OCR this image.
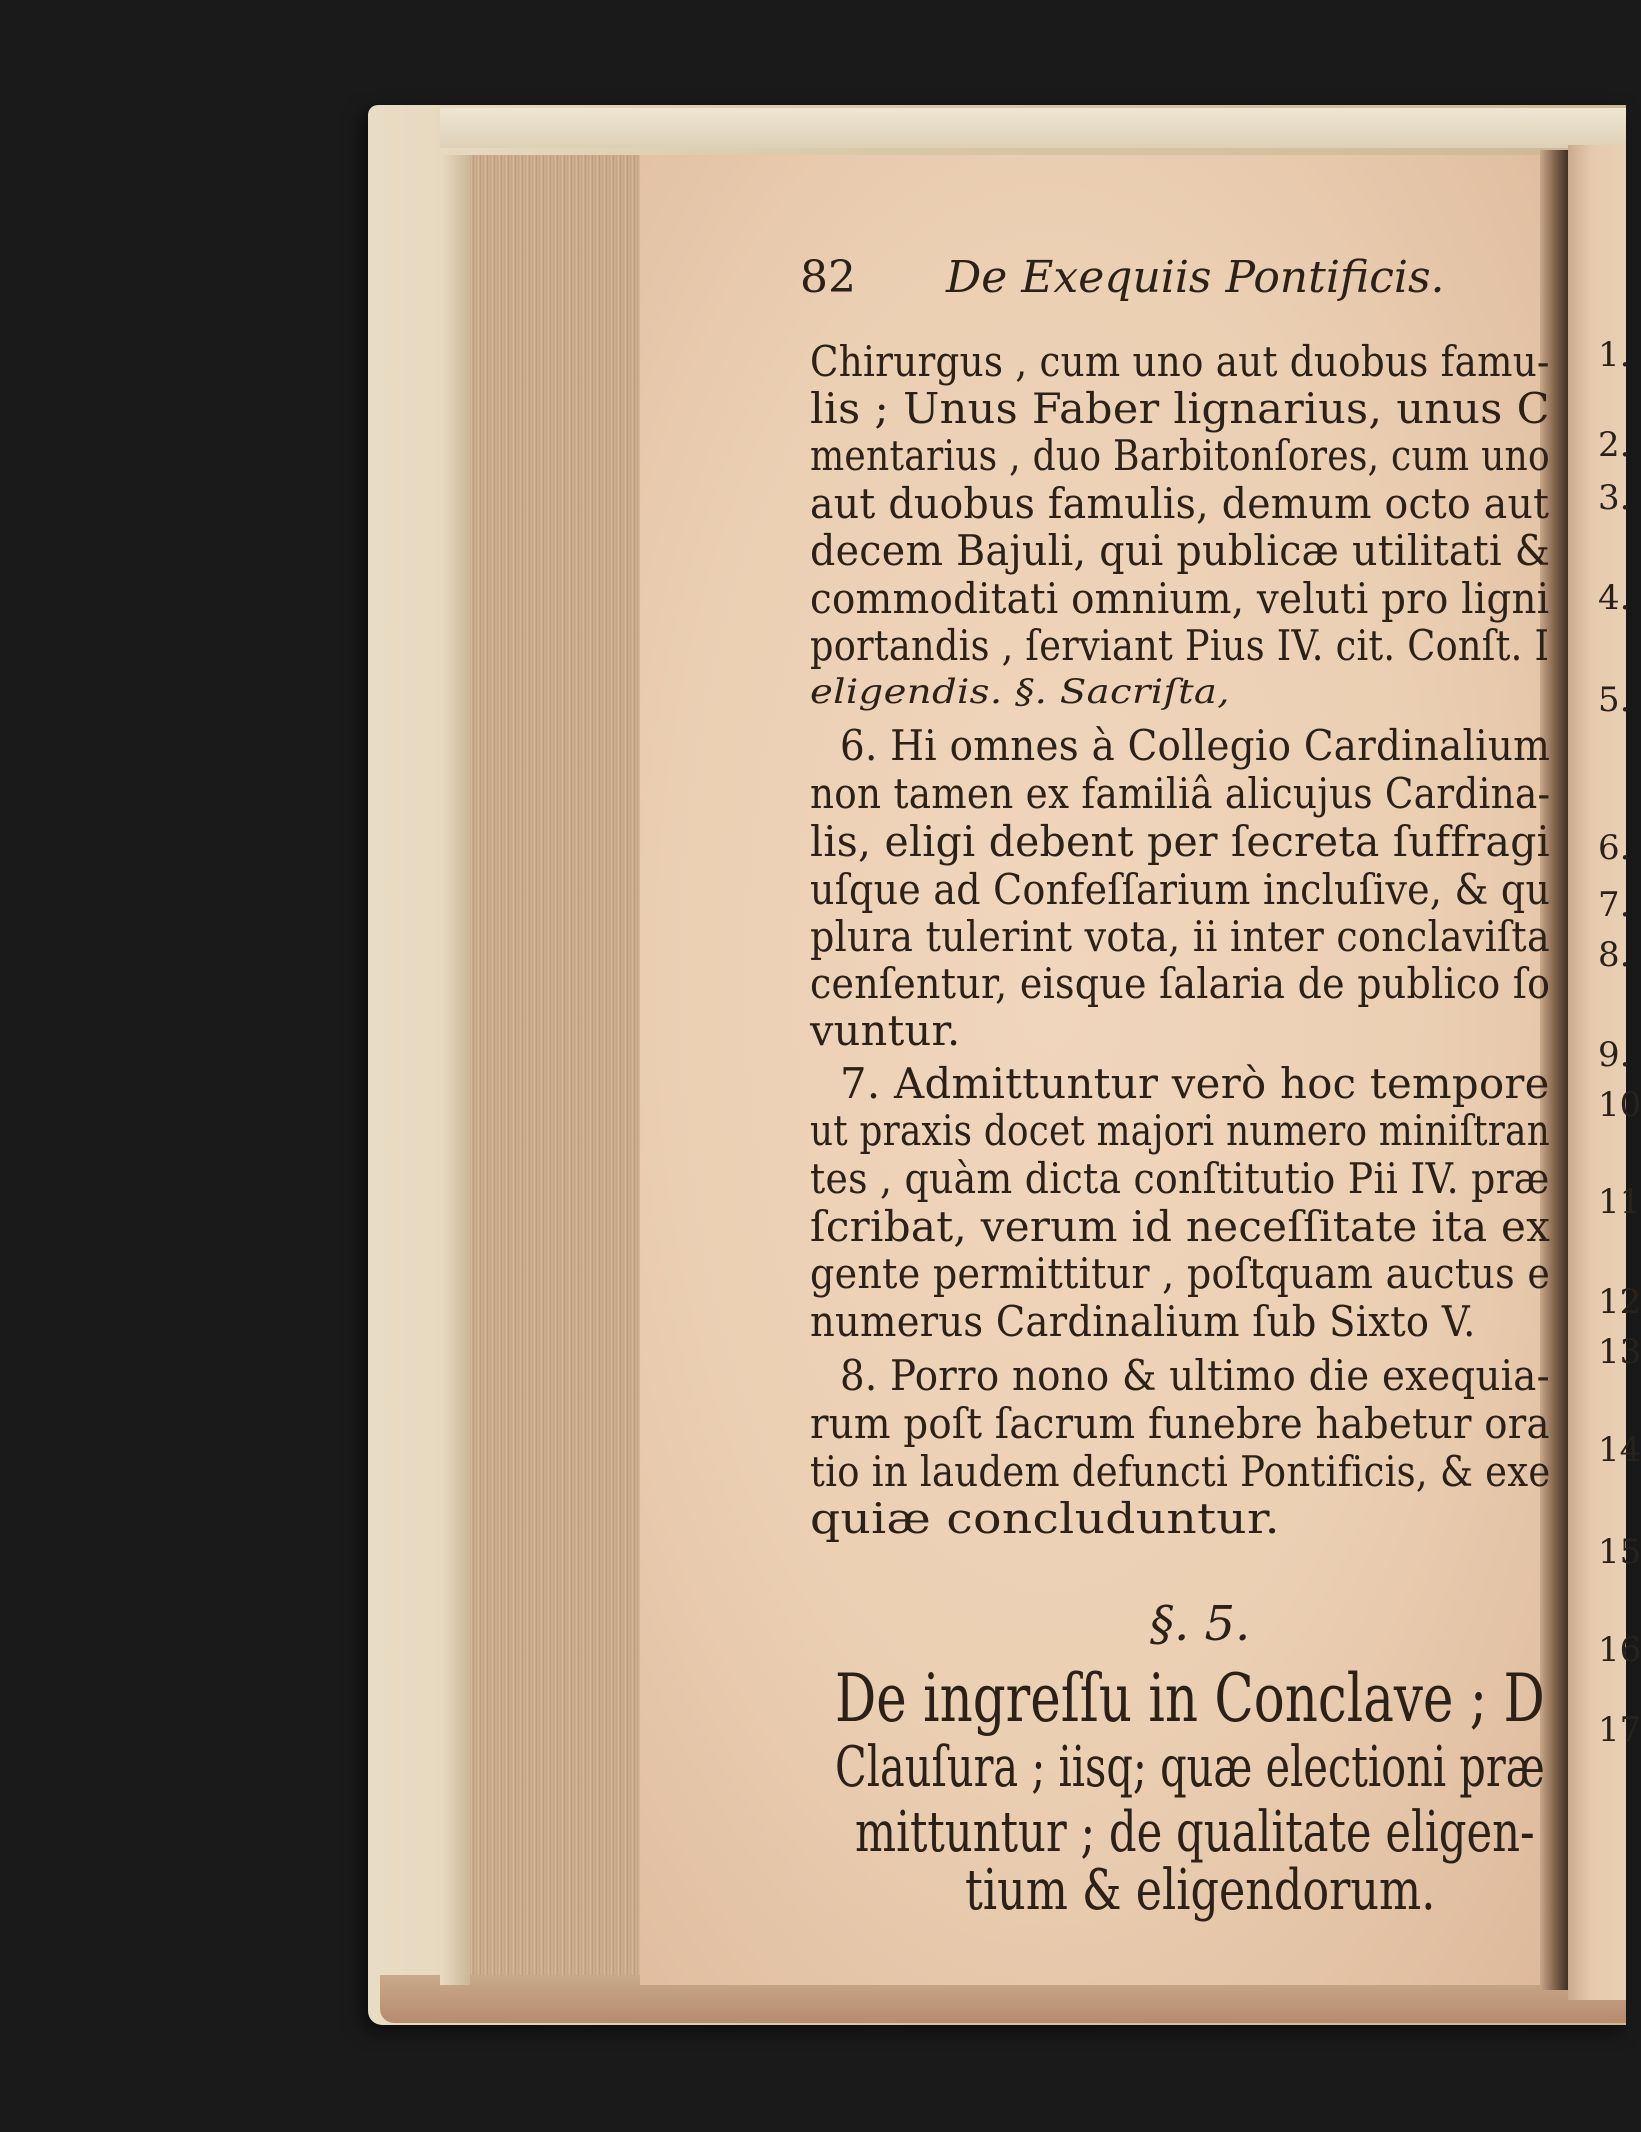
82 De Exequiis Pontificis.
Chirurgus , cum uno aut duobus famu-
lis ; Unus Faber lignarius, unus C
mentarius , duo Barbitonſores, cum uno
aut duobus famulis, demum octo aut
decem Bajuli, qui publicæ utilitati &
commoditati omnium, veluti pro ligni
portandis , ſerviant Pius IV. cit. Conſt. I
eligendis. §. Sacriſta,
6. Hi omnes à Collegio Cardinalium
non tamen ex familiâ alicujus Cardina-
lis, eligi debent per ſecreta ſuffragi
uſque ad Confeſſarium incluſive, & qu
plura tulerint vota, ii inter conclaviſta
cenſentur, eisque ſalaria de publico ſo
vuntur.
7. Admittuntur verò hoc tempore
ut praxis docet majori numero miniſtran
tes , quàm dicta conſtitutio Pii IV. præ
ſcribat, verum id neceſſitate ita ex
gente permittitur , poſtquam auctus e
numerus Cardinalium ſub Sixto V.
8. Porro nono & ultimo die exequia-
rum poſt ſacrum funebre habetur ora
tio in laudem defuncti Pontificis, & exe
quiæ concluduntur.
§. 5.
De ingreſſu in Conclave ; D
Clauſura ; iisq; quæ electioni præ
mittuntur ; de qualitate eligen-
tium & eligendorum.
1.
2.
3.
4.
5.
6.
7.
8.
9.
10
11
12
13
14
15
16
17
